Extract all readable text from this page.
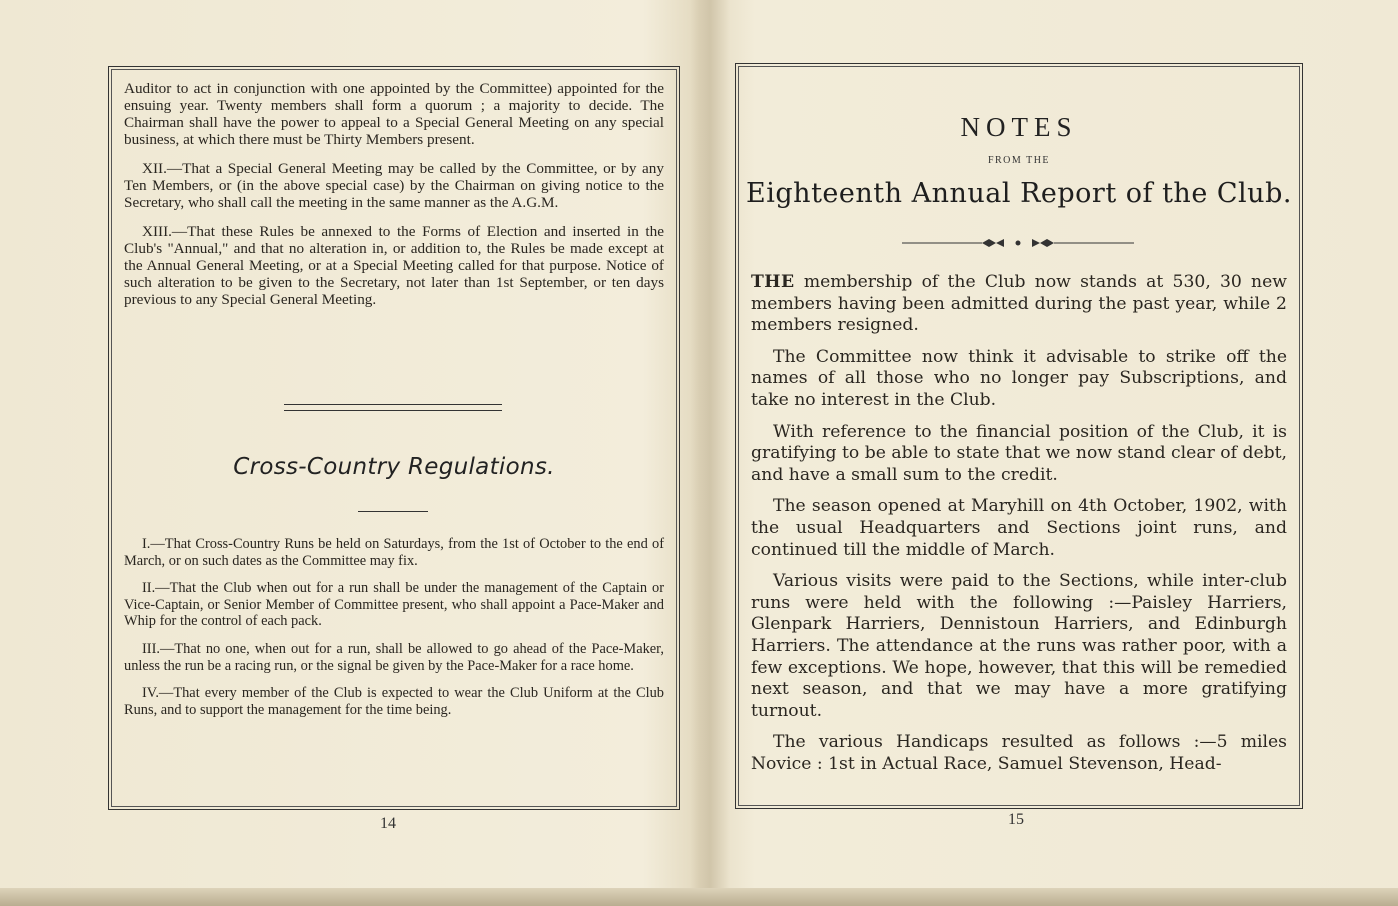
Auditor to act in conjunction with one appointed by the Committee) appointed for the ensuing year. Twenty members shall form a quorum ; a majority to decide. The Chairman shall have the power to appeal to a Special General Meeting on any special business, at which there must be Thirty Members present.

XII.—That a Special General Meeting may be called by the Committee, or by any Ten Members, or (in the above special case) by the Chairman on giving notice to the Secretary, who shall call the meeting in the same manner as the A.G.M.

XIII.—That these Rules be annexed to the Forms of Election and inserted in the Club's "Annual," and that no alteration in, or addition to, the Rules be made except at the Annual General Meeting, or at a Special Meeting called for that purpose. Notice of such alteration to be given to the Secretary, not later than 1st September, or ten days previous to any Special General Meeting.

Cross-Country Regulations.

I.—That Cross-Country Runs be held on Saturdays, from the 1st of October to the end of March, or on such dates as the Committee may fix.

II.—That the Club when out for a run shall be under the management of the Captain or Vice-Captain, or Senior Member of Committee present, who shall appoint a Pace-Maker and Whip for the control of each pack.

III.—That no one, when out for a run, shall be allowed to go ahead of the Pace-Maker, unless the run be a racing run, or the signal be given by the Pace-Maker for a race home.

IV.—That every member of the Club is expected to wear the Club Uniform at the Club Runs, and to support the management for the time being.

14
NOTES
FROM THE
Eighteenth Annual Report of the Club.

THE membership of the Club now stands at 530, 30 new members having been admitted during the past year, while 2 members resigned.

The Committee now think it advisable to strike off the names of all those who no longer pay Subscriptions, and take no interest in the Club.

With reference to the financial position of the Club, it is gratifying to be able to state that we now stand clear of debt, and have a small sum to the credit.

The season opened at Maryhill on 4th October, 1902, with the usual Headquarters and Sections joint runs, and continued till the middle of March.

Various visits were paid to the Sections, while inter-club runs were held with the following :—Paisley Harriers, Glenpark Harriers, Dennistoun Harriers, and Edinburgh Harriers. The attendance at the runs was rather poor, with a few exceptions. We hope, however, that this will be remedied next season, and that we may have a more gratifying turnout.

The various Handicaps resulted as follows :—5 miles Novice : 1st in Actual Race, Samuel Stevenson, Head-

15
